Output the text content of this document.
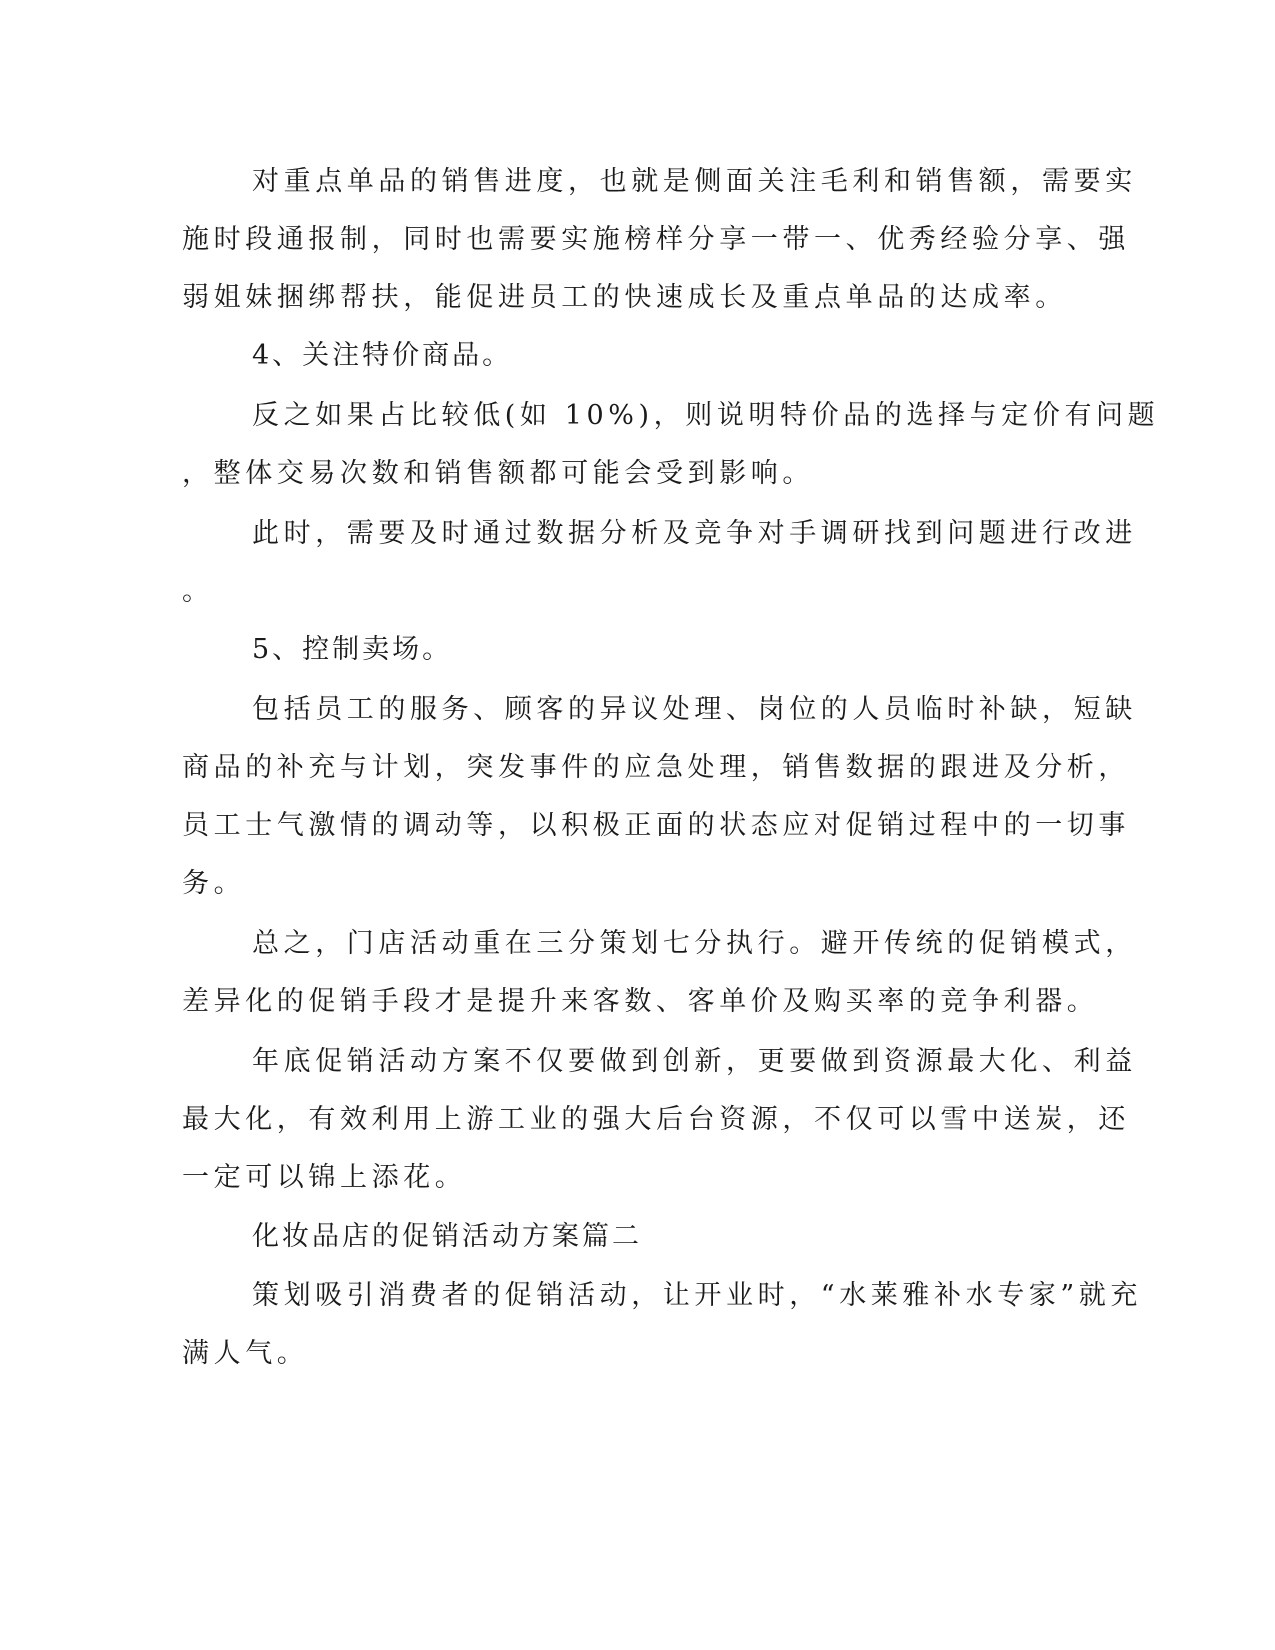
对重点单品的销售进度，也就是侧面关注毛利和销售额，需要实
施时段通报制，同时也需要实施榜样分享一带一、优秀经验分享、强
弱姐妹捆绑帮扶，能促进员工的快速成长及重点单品的达成率。
4、关注特价商品。
反之如果占比较低(如 10%)，则说明特价品的选择与定价有问题
，整体交易次数和销售额都可能会受到影响。
此时，需要及时通过数据分析及竞争对手调研找到问题进行改进
。
5、控制卖场。
包括员工的服务、顾客的异议处理、岗位的人员临时补缺，短缺
商品的补充与计划，突发事件的应急处理，销售数据的跟进及分析，
员工士气激情的调动等，以积极正面的状态应对促销过程中的一切事
务。
总之，门店活动重在三分策划七分执行。避开传统的促销模式，
差异化的促销手段才是提升来客数、客单价及购买率的竞争利器。
年底促销活动方案不仅要做到创新，更要做到资源最大化、利益
最大化，有效利用上游工业的强大后台资源，不仅可以雪中送炭，还
一定可以锦上添花。
化妆品店的促销活动方案篇二
策划吸引消费者的促销活动，让开业时，“水莱雅补水专家”就充
满人气。
